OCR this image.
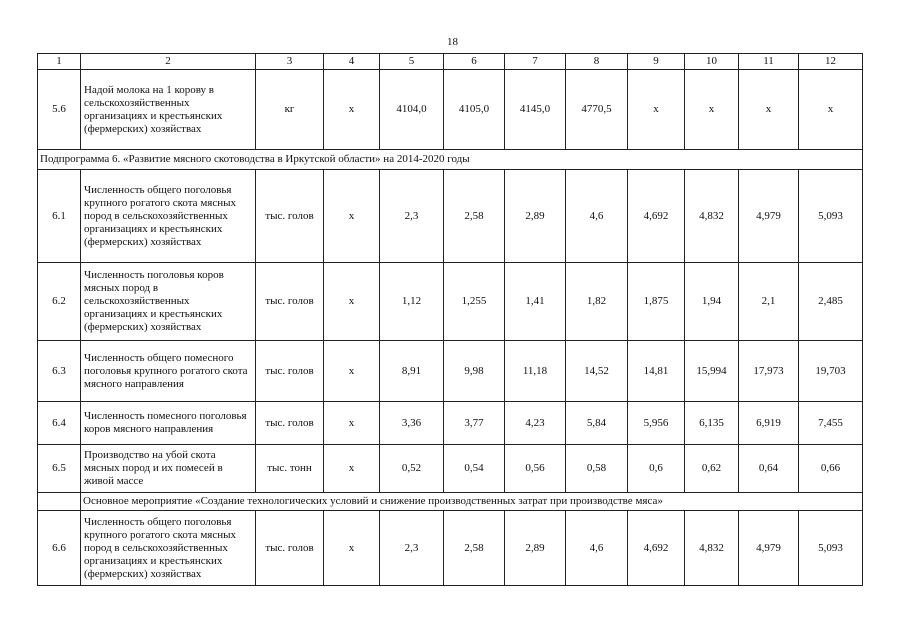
18
1	2	3	4	5	6	7	8	9	10	11	12
5.6	Надой молока на 1 корову в сельскохозяйственных организациях и крестьянских (фермерских) хозяйствах	кг	х	4104,0	4105,0	4145,0	4770,5	х	х	х	х
Подпрограмма 6. «Развитие мясного скотоводства в Иркутской области» на 2014-2020 годы											
6.1	Численность общего поголовья крупного рогатого скота мясных пород в сельскохозяйственных организациях и крестьянских (фермерских) хозяйствах	тыс. голов	х	2,3	2,58	2,89	4,6	4,692	4,832	4,979	5,093
6.2	Численность поголовья коров мясных пород в сельскохозяйственных организациях и крестьянских (фермерских) хозяйствах	тыс. голов	х	1,12	1,255	1,41	1,82	1,875	1,94	2,1	2,485
6.3	Численность общего помесного поголовья крупного рогатого скота мясного направления	тыс. голов	х	8,91	9,98	11,18	14,52	14,81	15,994	17,973	19,703
6.4	Численность помесного поголовья коров мясного направления	тыс. голов	х	3,36	3,77	4,23	5,84	5,956	6,135	6,919	7,455
6.5	Производство на убой скота мясных пород и их помесей в живой массе	тыс. тонн	х	0,52	0,54	0,56	0,58	0,6	0,62	0,64	0,66
	Основное мероприятие «Создание технологических условий и снижение производственных затрат при производстве мяса»										
6.6	Численность общего поголовья крупного рогатого скота мясных пород в сельскохозяйственных организациях и крестьянских (фермерских) хозяйствах	тыс. голов	х	2,3	2,58	2,89	4,6	4,692	4,832	4,979	5,093
